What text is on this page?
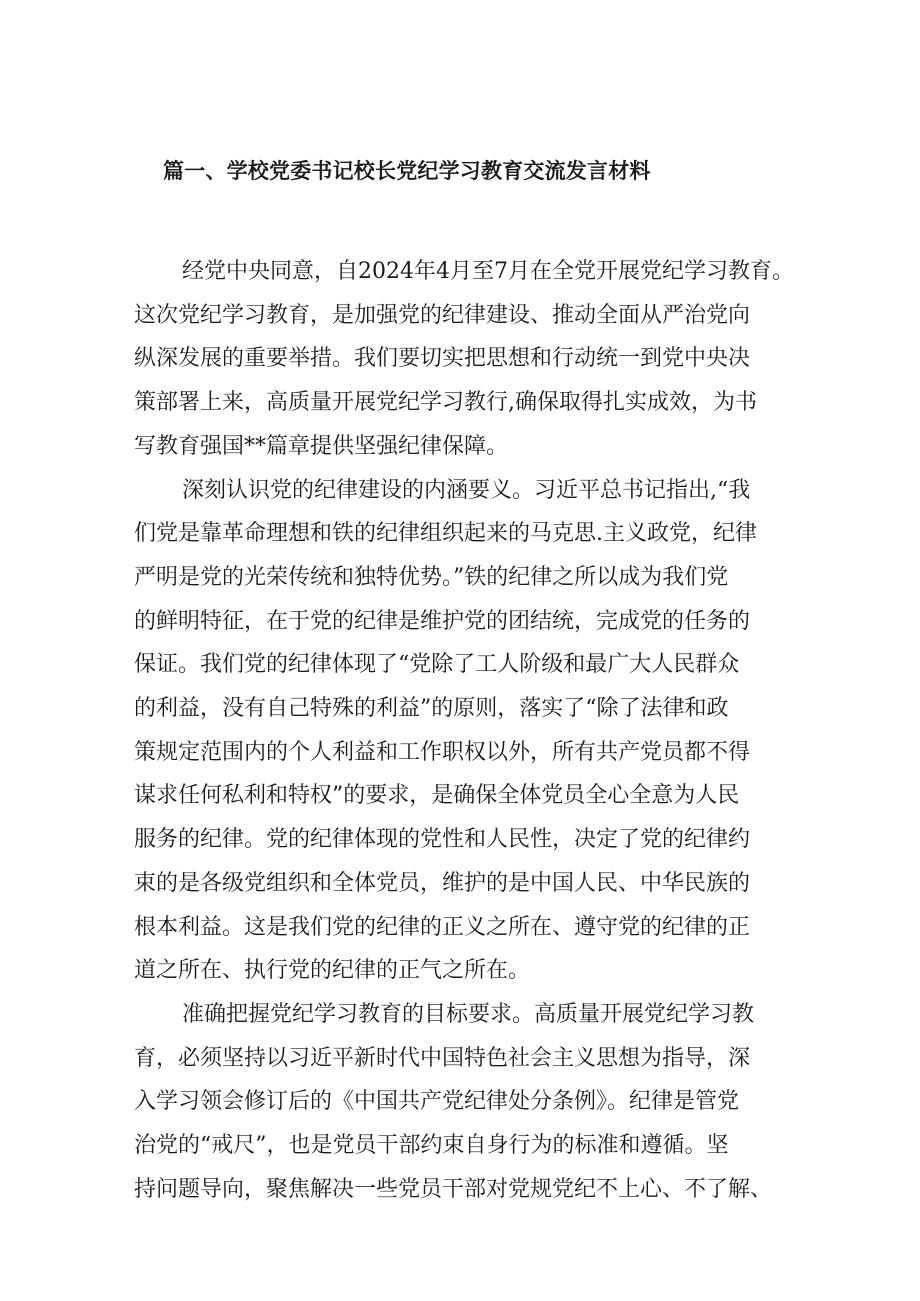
篇一、学校党委书记校长党纪学习教育交流发言材料

经党中央同意，自2024年4月至7月在全党开展党纪学习教育。
这次党纪学习教育，是加强党的纪律建设、推动全面从严治党向
纵深发展的重要举措。我们要切实把思想和行动统一到党中央决
策部署上来，高质量开展党纪学习教行,确保取得扎实成效，为书
写教育强国**篇章提供坚强纪律保障。

深刻认识党的纪律建设的内涵要义。习近平总书记指出,“我
们党是靠革命理想和铁的纪律组织起来的马克思.主义政党，纪律
严明是党的光荣传统和独特优势。”铁的纪律之所以成为我们党
的鲜明特征，在于党的纪律是维护党的团结统，完成党的任务的
保证。我们党的纪律体现了“党除了工人阶级和最广大人民群众
的利益，没有自己特殊的利益”的原则，落实了“除了法律和政
策规定范围内的个人利益和工作职权以外，所有共产党员都不得
谋求任何私利和特权”的要求，是确保全体党员全心全意为人民
服务的纪律。党的纪律体现的党性和人民性，决定了党的纪律约
束的是各级党组织和全体党员，维护的是中国人民、中华民族的
根本利益。这是我们党的纪律的正义之所在、遵守党的纪律的正
道之所在、执行党的纪律的正气之所在。

准确把握党纪学习教育的目标要求。高质量开展党纪学习教
育，必须坚持以习近平新时代中国特色社会主义思想为指导，深
入学习领会修订后的《中国共产党纪律处分条例》。纪律是管党
治党的“戒尺”，也是党员干部约束自身行为的标准和遵循。坚
持问题导向，聚焦解决一些党员干部对党规党纪不上心、不了解、
